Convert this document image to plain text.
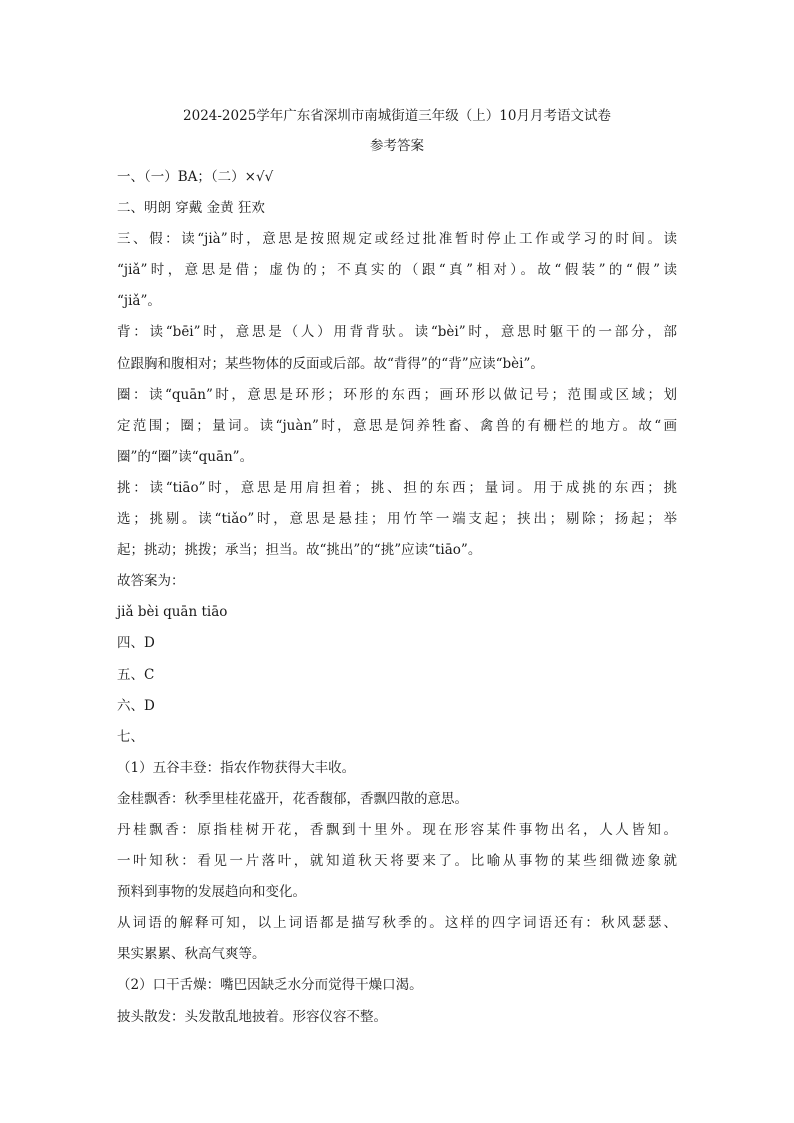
2024-2025学年广东省深圳市南城街道三年级（上）10月月考语文试卷
参考答案
一、（一）BA；（二）×√√
二、明朗 穿戴 金黄 狂欢
三、假：读“jià”时，意思是按照规定或经过批准暂时停止工作或学习的时间。读
“jiǎ”时，意思是借；虚伪的；不真实的（跟“真”相对）。故“假装”的“假”读
“jiǎ”。
背：读“bēi”时，意思是（人）用背背驮。读“bèi”时，意思时躯干的一部分，部
位跟胸和腹相对；某些物体的反面或后部。故“背得”的“背”应读“bèi”。
圈：读“quān”时，意思是环形；环形的东西；画环形以做记号；范围或区域；划
定范围；圈；量词。读“juàn”时，意思是饲养牲畜、禽兽的有栅栏的地方。故“画
圈”的“圈”读“quān”。
挑：读“tiāo”时，意思是用肩担着；挑、担的东西；量词。用于成挑的东西；挑
选；挑剔。读“tiǎo”时，意思是悬挂；用竹竿一端支起；挟出；剔除；扬起；举
起；挑动；挑拨；承当；担当。故“挑出”的“挑”应读“tiāo”。
故答案为：
jiǎ bèi quān tiāo
四、D
五、C
六、D
七、
（1）五谷丰登：指农作物获得大丰收。
金桂飘香：秋季里桂花盛开，花香馥郁，香飘四散的意思。
丹桂飘香：原指桂树开花，香飘到十里外。现在形容某件事物出名，人人皆知。
一叶知秋：看见一片落叶，就知道秋天将要来了。比喻从事物的某些细微迹象就
预料到事物的发展趋向和变化。
从词语的解释可知，以上词语都是描写秋季的。这样的四字词语还有：秋风瑟瑟、
果实累累、秋高气爽等。
（2）口干舌燥：嘴巴因缺乏水分而觉得干燥口渴。
披头散发：头发散乱地披着。形容仪容不整。
